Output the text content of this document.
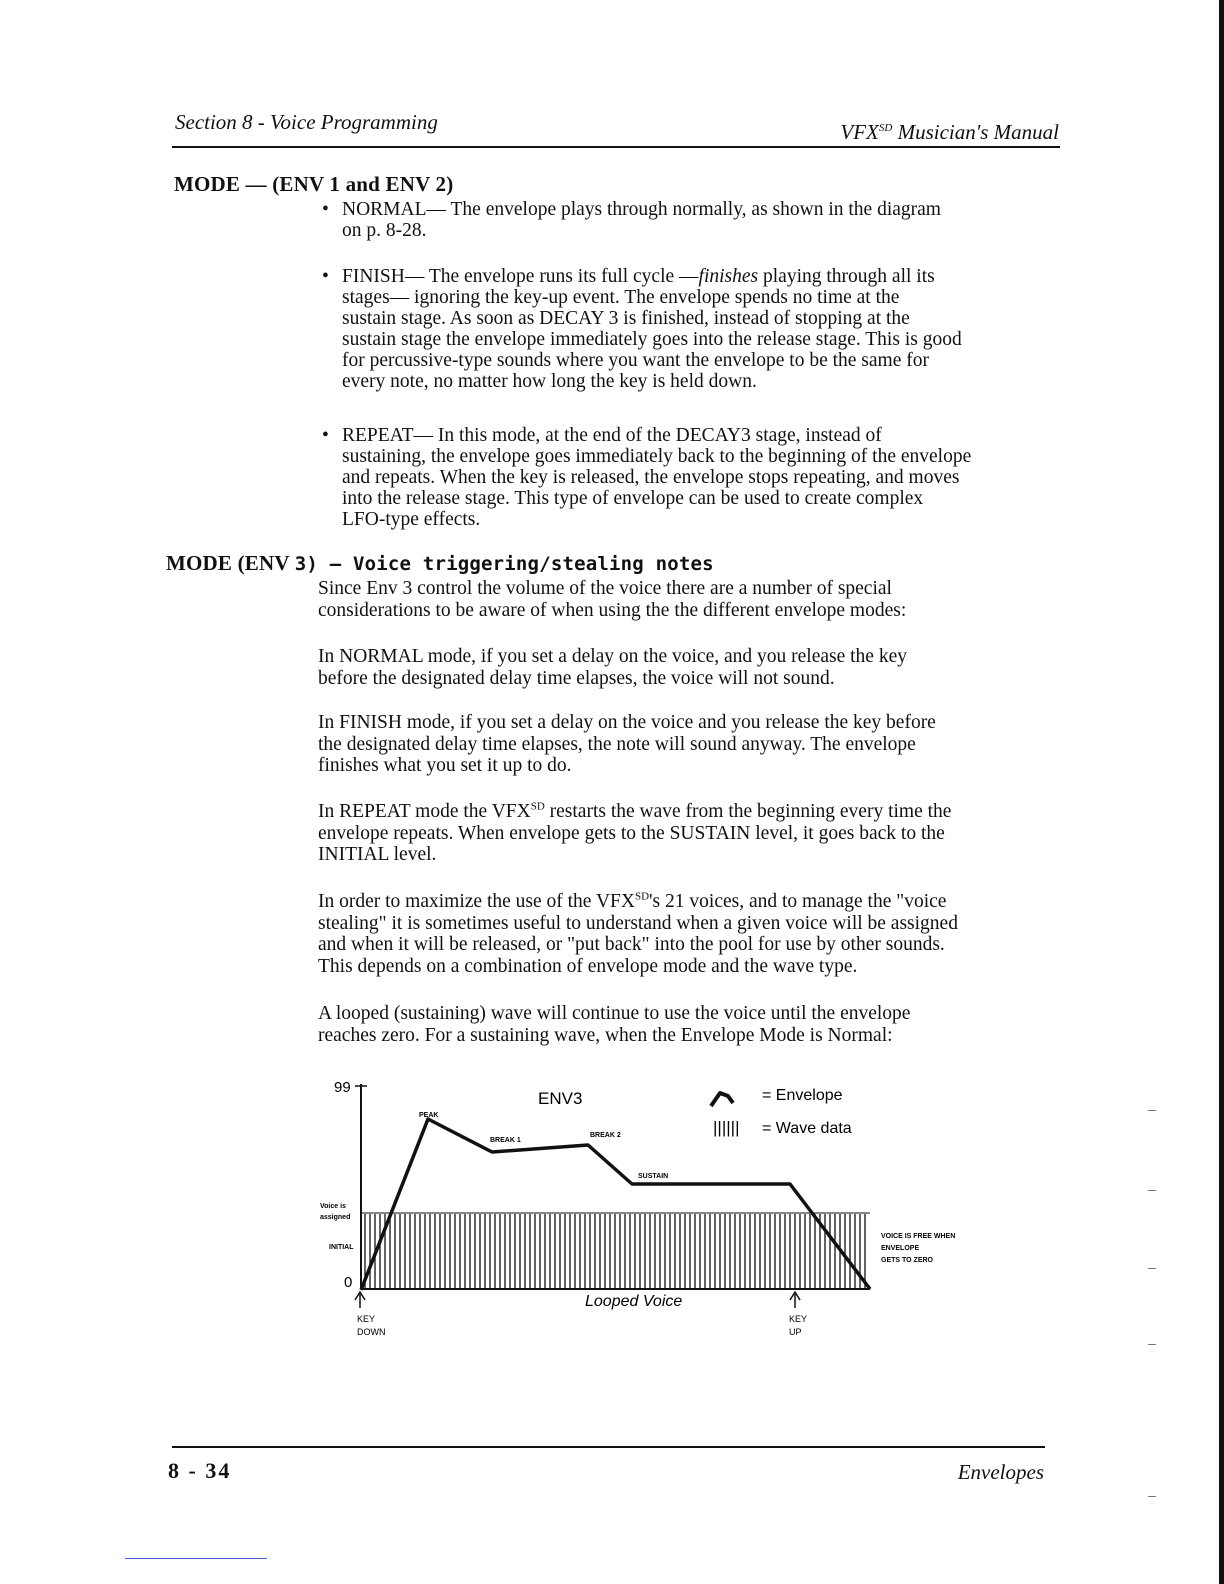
Section 8 - Voice Programming	$VFX^{SD}$ Musician's Manual
MODE — (ENV 1 and ENV 2)
• NORMAL— The envelope plays through normally, as shown in the diagram
on p. 8-28.
• FINISH— The envelope runs its full cycle —finishes playing through all its
stages— ignoring the key-up event. The envelope spends no time at the
sustain stage. As soon as DECAY 3 is finished, instead of stopping at the
sustain stage the envelope immediately goes into the release stage. This is good
for percussive-type sounds where you want the envelope to be the same for
every note, no matter how long the key is held down.
• REPEAT— In this mode, at the end of the DECAY3 stage, instead of
sustaining, the envelope goes immediately back to the beginning of the envelope
and repeats. When the key is released, the envelope stops repeating, and moves
into the release stage. This type of envelope can be used to create complex
LFO-type effects.
MODE (ENV 3) — Voice triggering/stealing notes
Since Env 3 control the volume of the voice there are a number of special
considerations to be aware of when using the the different envelope modes:
In NORMAL mode, if you set a delay on the voice, and you release the key
before the designated delay time elapses, the voice will not sound.
In FINISH mode, if you set a delay on the voice and you release the key before
the designated delay time elapses, the note will sound anyway. The envelope
finishes what you set it up to do.
In REPEAT mode the $VFX^{SD}$ restarts the wave from the beginning every time the
envelope repeats. When envelope gets to the SUSTAIN level, it goes back to the
INITIAL level.
In order to maximize the use of the $VFX^{SD}'s$ 21 voices, and to manage the "voice
stealing" it is sometimes useful to understand when a given voice will be assigned
and when it will be released, or "put back" into the pool for use by other sounds.
This depends on a combination of envelope mode and the wave type.
A looped (sustaining) wave will continue to use the voice until the envelope
reaches zero. For a sustaining wave, when the Envelope Mode is Normal:
99
0
ENV3
PEAK
BREAK 1
BREAK 2
SUSTAIN
Voice is
assigned
INITIAL
VOICE IS FREE WHEN
ENVELOPE
GETS TO ZERO
= Envelope
|||||| = Wave data
KEY
DOWN
KEY
UP
Looped Voice
8 - 34	Envelopes
